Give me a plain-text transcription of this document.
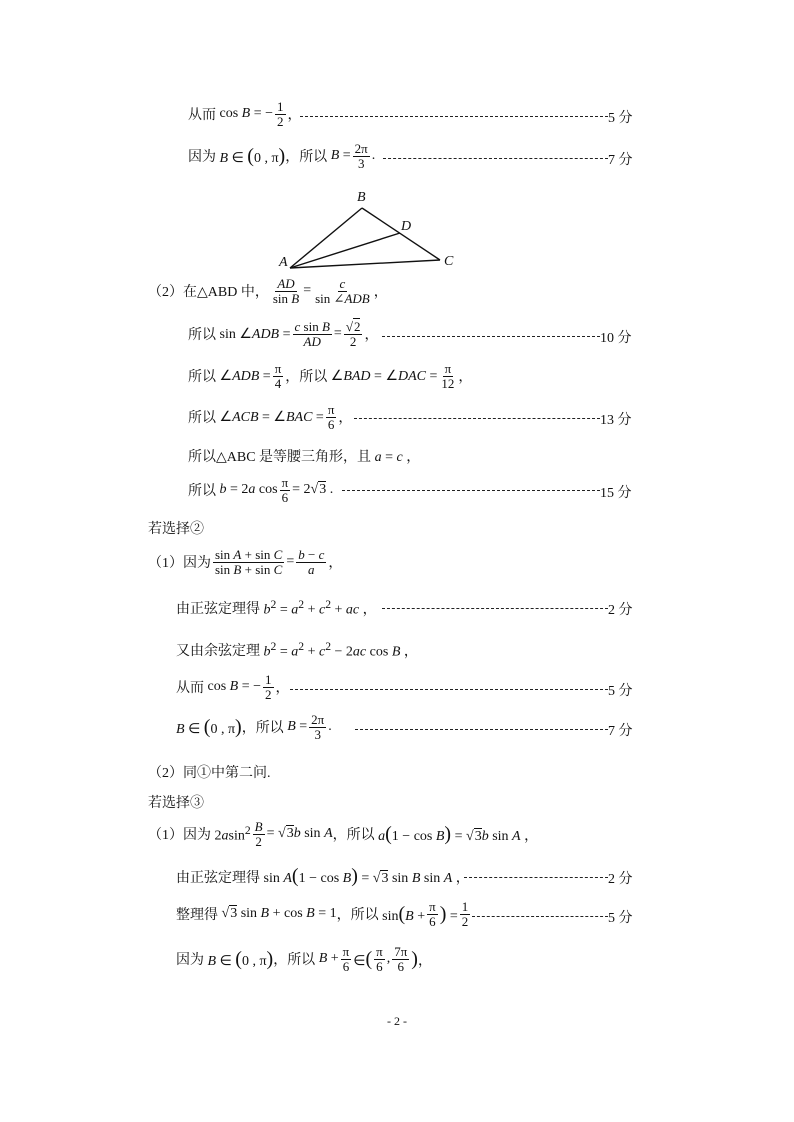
从而 cos B = − $\frac{1}{2}$ ，	5 分
因为 B ∈ (0 , π) ， 所以 $B = \frac{2\pi}{3}$ .	7 分
B
D
A	C
（2）在△ABD 中， $\frac{AD}{\text{sin B}} = \frac{c}{\text{sin ∠ADB}}$ ，
所以 sin ∠ADB = $\frac{\text{c sin B}}{AD} = \frac{√2}{2}$ ，	10 分
所以 ∠ADB = $\frac{\pi}{4}$ ， 所以 ∠BAD = ∠DAC = $\frac{\pi}{12}$ ，
所以 ∠ACB = ∠BAC = $\frac{\pi}{6}$ ，	13 分
所以△ABC 是等腰三角形，且 a = c ，
所以 b = 2a $\cos \frac{\pi}{6} = 2√3$ .	15 分
若选择②
（1）因为 $\frac{\text{sin A + sin C}}{\text{sin B + sin C}} = \frac{b - c}{a}$ ，
由正弦定理得 $b^2 = a^2 + c^2$ + ac ，	2 分
又由余弦定理 $b^2 = a^2 + c^2 - 2ac$ cos B ，
从而 cos B = − $\frac{1}{2}$ ，	5 分
B ∈ (0 , π) ， 所以 $B = \frac{2\pi}{3}$ .	7 分
（2）同①中第二问.
若选择③
（1）因为 $2asin^2 \frac{B}{2} = √3b$ sin A ， 所以 a(1 − cos B) = √3b sin A ，
由正弦定理得 sin A(1 − cos B) = √3 sin B sin A ，	2 分
整理得 √3 sin B + cos B = 1 ， 所以 $\sin(B + \frac{\pi}{6}$ ) = $\frac{1}{2}$	5 分
因为 B ∈ (0 , π) ， 所以 $B + \frac{\pi}{6}$ ∈( $\frac{\pi}{6}$ , $\frac{7\pi}{6}$ )，
- 2 -
